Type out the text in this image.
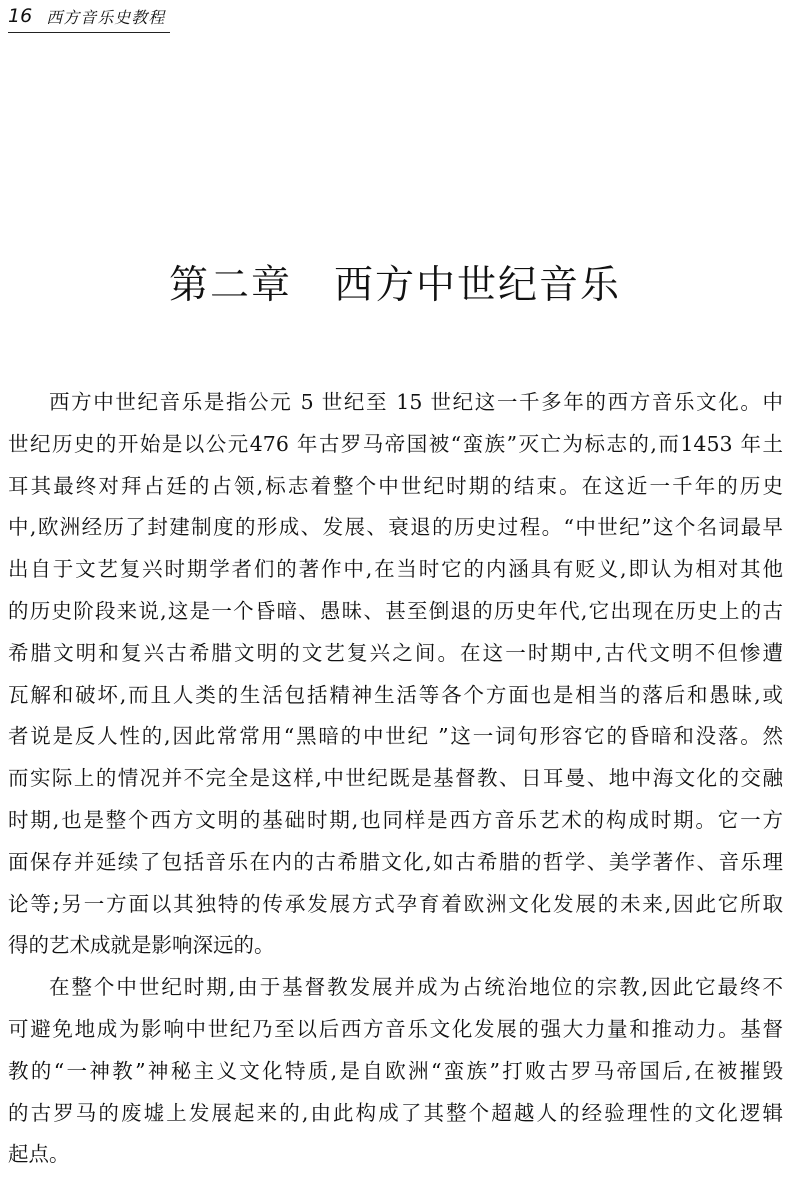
16 西方音乐史教程
第二章 西方中世纪音乐
西方中世纪音乐是指公元 5 世纪至 15 世纪这一千多年的西方音乐文化。中
世纪历史的开始是以公元476 年古罗马帝国被“蛮族”灭亡为标志的,而1453 年土
耳其最终对拜占廷的占领,标志着整个中世纪时期的结束。在这近一千年的历史
中,欧洲经历了封建制度的形成、发展、衰退的历史过程。“中世纪”这个名词最早
出自于文艺复兴时期学者们的著作中,在当时它的内涵具有贬义,即认为相对其他
的历史阶段来说,这是一个昏暗、愚昧、甚至倒退的历史年代,它出现在历史上的古
希腊文明和复兴古希腊文明的文艺复兴之间。在这一时期中,古代文明不但惨遭
瓦解和破坏,而且人类的生活包括精神生活等各个方面也是相当的落后和愚昧,或
者说是反人性的,因此常常用“黑暗的中世纪 ”这一词句形容它的昏暗和没落。然
而实际上的情况并不完全是这样,中世纪既是基督教、日耳曼、地中海文化的交融
时期,也是整个西方文明的基础时期,也同样是西方音乐艺术的构成时期。它一方
面保存并延续了包括音乐在内的古希腊文化,如古希腊的哲学、美学著作、音乐理
论等;另一方面以其独特的传承发展方式孕育着欧洲文化发展的未来,因此它所取
得的艺术成就是影响深远的。
在整个中世纪时期,由于基督教发展并成为占统治地位的宗教,因此它最终不
可避免地成为影响中世纪乃至以后西方音乐文化发展的强大力量和推动力。基督
教的“一神教”神秘主义文化特质,是自欧洲“蛮族”打败古罗马帝国后,在被摧毁
的古罗马的废墟上发展起来的,由此构成了其整个超越人的经验理性的文化逻辑
起点。
